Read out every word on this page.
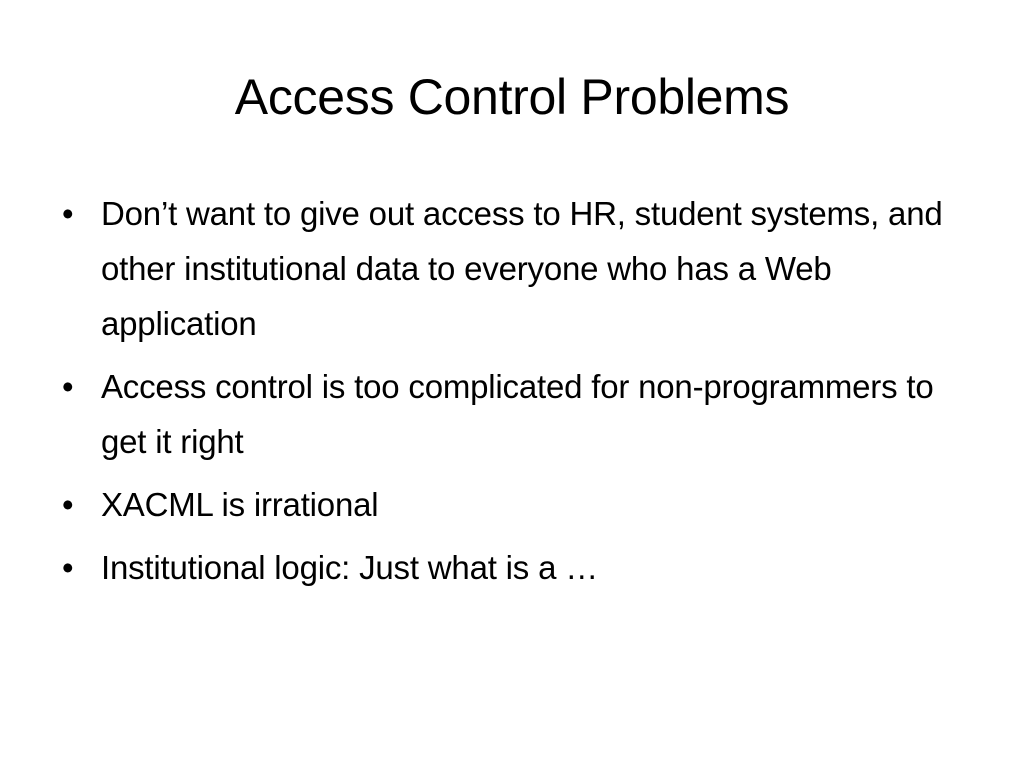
Access Control Problems
• Don’t want to give out access to HR, student systems, and other institutional data to everyone who has a Web application
• Access control is too complicated for non-programmers to get it right
• XACML is irrational
• Institutional logic: Just what is a …
